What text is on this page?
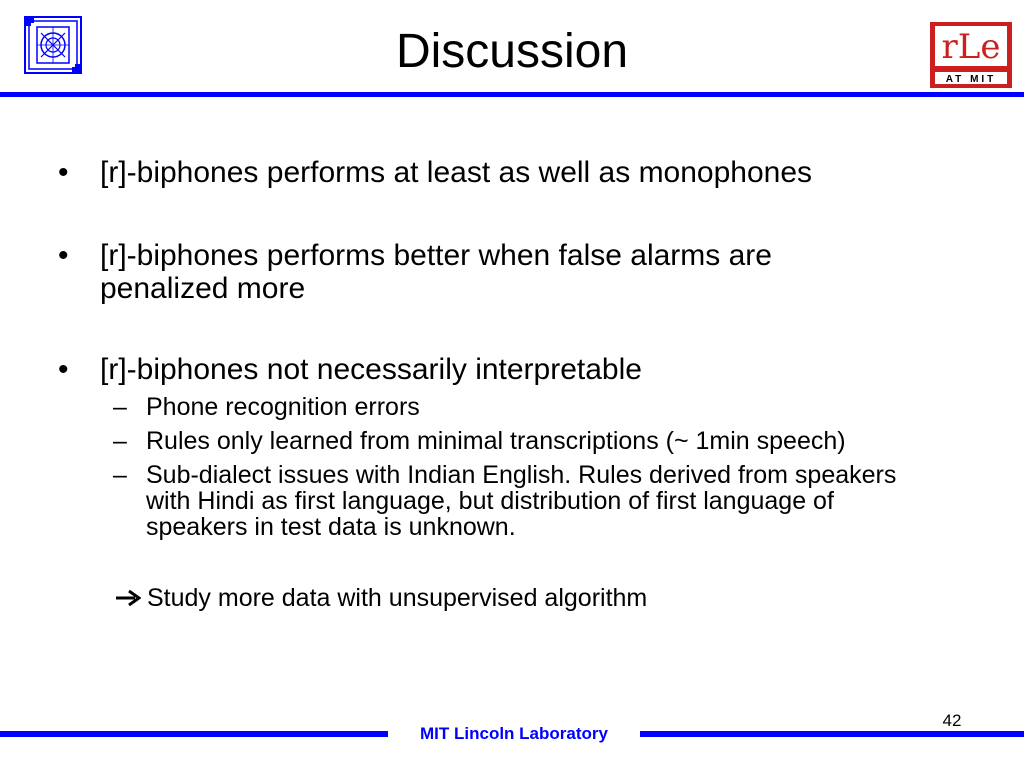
Discussion	rLe
AT MIT
• [r]-biphones performs at least as well as monophones
• [r]-biphones performs better when false alarms are penalized more
• [r]-biphones not necessarily interpretable
– Phone recognition errors
– Rules only learned from minimal transcriptions (~ 1min speech)
– Sub-dialect issues with Indian English. Rules derived from speakers with Hindi as first language, but distribution of first language of speakers in test data is unknown.
Study more data with unsupervised algorithm
42
MIT Lincoln Laboratory
